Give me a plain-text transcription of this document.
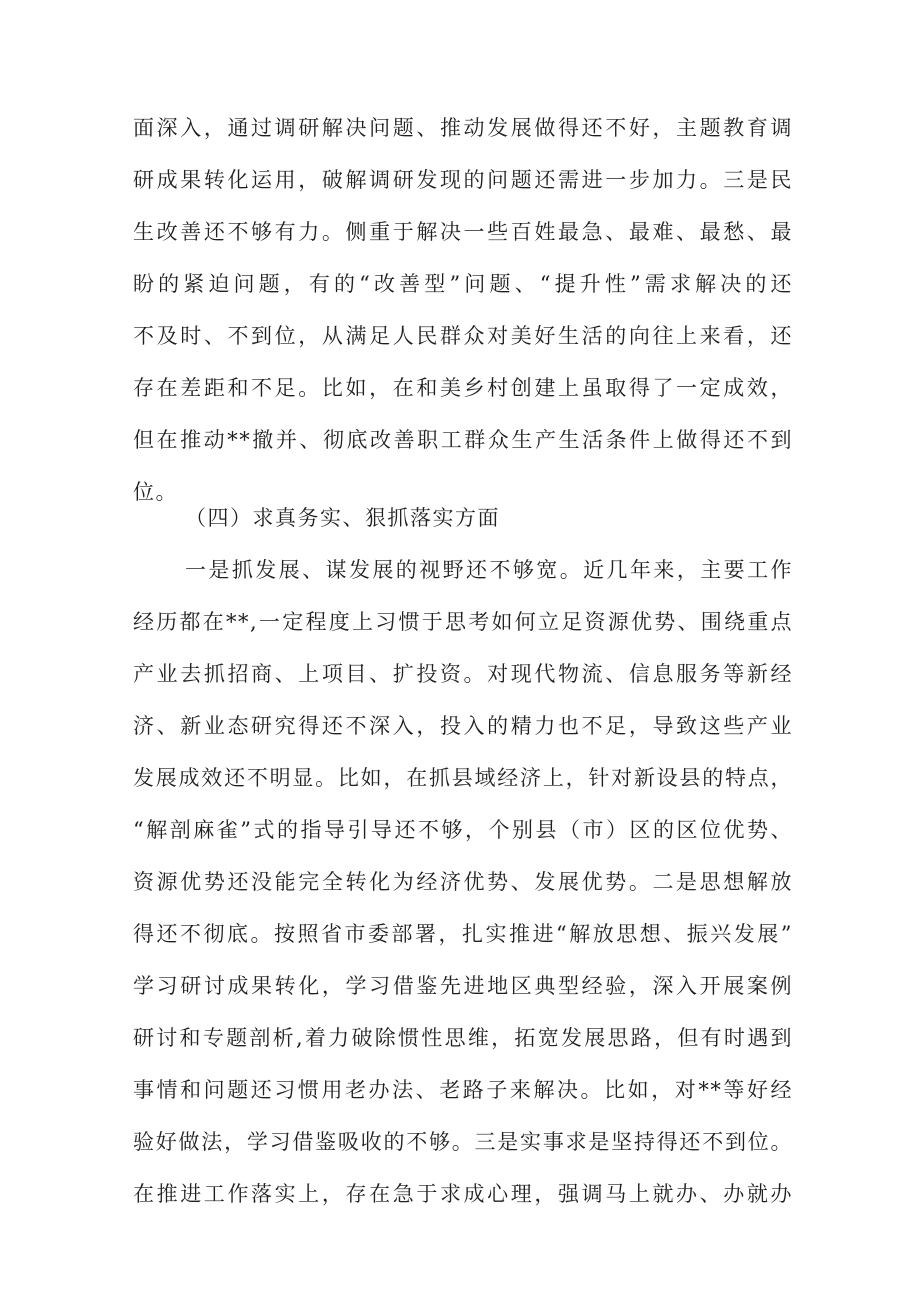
面深入，通过调研解决问题、推动发展做得还不好，主题教育调
研成果转化运用，破解调研发现的问题还需进一步加力。三是民
生改善还不够有力。侧重于解决一些百姓最急、最难、最愁、最
盼的紧迫问题，有的“改善型”问题、“提升性”需求解决的还
不及时、不到位，从满足人民群众对美好生活的向往上来看，还
存在差距和不足。比如，在和美乡村创建上虽取得了一定成效，
但在推动**撤并、彻底改善职工群众生产生活条件上做得还不到
位。
（四）求真务实、狠抓落实方面
一是抓发展、谋发展的视野还不够宽。近几年来，主要工作
经历都在**,一定程度上习惯于思考如何立足资源优势、围绕重点
产业去抓招商、上项目、扩投资。对现代物流、信息服务等新经
济、新业态研究得还不深入，投入的精力也不足，导致这些产业
发展成效还不明显。比如，在抓县域经济上，针对新设县的特点，
“解剖麻雀”式的指导引导还不够，个别县（市）区的区位优势、
资源优势还没能完全转化为经济优势、发展优势。二是思想解放
得还不彻底。按照省市委部署，扎实推进“解放思想、振兴发展”
学习研讨成果转化，学习借鉴先进地区典型经验，深入开展案例
研讨和专题剖析,着力破除惯性思维，拓宽发展思路，但有时遇到
事情和问题还习惯用老办法、老路子来解决。比如，对**等好经
验好做法，学习借鉴吸收的不够。三是实事求是坚持得还不到位。
在推进工作落实上，存在急于求成心理，强调马上就办、办就办
